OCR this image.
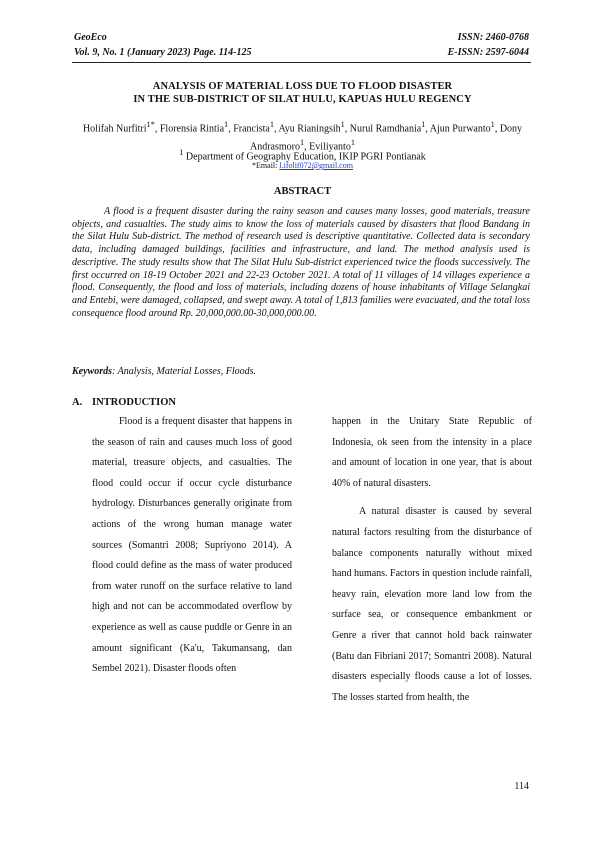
GeoEco
Vol. 9, No. 1 (January 2023) Page. 114-125
ISSN: 2460-0768
E-ISSN: 2597-6044
ANALYSIS OF MATERIAL LOSS DUE TO FLOOD DISASTER
IN THE SUB-DISTRICT OF SILAT HULU, KAPUAS HULU REGENCY
Holifah Nurfitri$^{1*}$, Florensia Rintia$^1$, Francista$^1$, Ayu Rianingsih$^1$, Nurul Ramdhania$^1$, Ajun Purwanto$^1$, Dony Andrasmoro$^1$, Eviliyanto$^1$
$^1$ Department of Geography Education, IKIP PGRI Pontianak
*Email: l.ifolif072@gmail.com
ABSTRACT
A flood is a frequent disaster during the rainy season and causes many losses, good materials, treasure objects, and casualties. The study aims to know the loss of materials caused by disasters that flood Bandang in the Silat Hulu Sub-district. The method of research used is descriptive quantitative. Collected data is secondary data, including damaged buildings, facilities and infrastructure, and land. The method analysis used is descriptive. The study results show that The Silat Hulu Sub-district experienced twice the floods successively. The first occurred on 18-19 October 2021 and 22-23 October 2021. A total of 11 villages of 14 villages experience a flood. Consequently, the flood and loss of materials, including dozens of house inhabitants of Village Selangkai and Entebi, were damaged, collapsed, and swept away. A total of 1,813 families were evacuated, and the total loss consequence flood around Rp. 20,000,000.00-30,000,000.00.
Keywords: Analysis, Material Losses, Floods.
A. INTRODUCTION

Flood is a frequent disaster that happens in the season of rain and causes much loss of good material, treasure objects, and casualties. The flood could occur if occur cycle disturbance hydrology. Disturbances generally originate from actions of the wrong human manage water sources (Somantri 2008; Supriyono 2014). A flood could define as the mass of water produced from water runoff on the surface relative to land high and not can be accommodated overflow by experience as well as cause puddle or Genre in an amount significant (Ka'u, Takumansang, dan Sembel 2021). Disaster floods often

happen in the Unitary State Republic of Indonesia, ok seen from the intensity in a place and amount of location in one year, that is about 40% of natural disasters.

A natural disaster is caused by several natural factors resulting from the disturbance of balance components naturally without mixed hand humans. Factors in question include rainfall, heavy rain, elevation more land low from the surface sea, or consequence embankment or Genre a river that cannot hold back rainwater (Batu dan Fibriani 2017; Somantri 2008). Natural disasters especially floods cause a lot of losses. The losses started from health, the

114
